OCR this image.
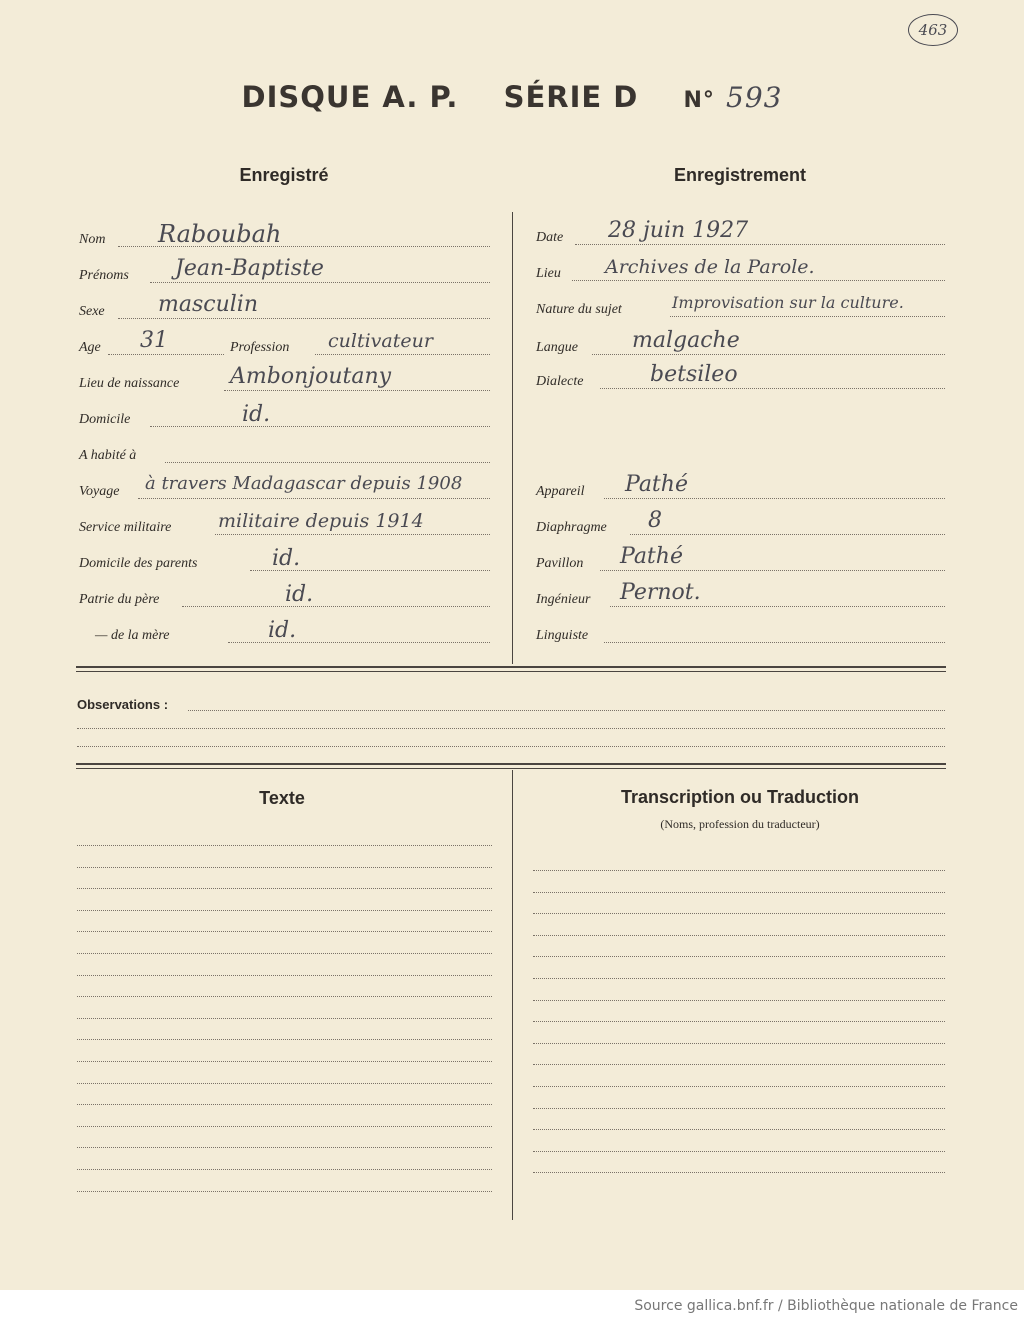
463
DISQUE A. P. SÉRIE D N° 593
Enregistré	Enregistrement
Nom Raboubah
Prénoms Jean-Baptiste
Sexe masculin
Age 31	Profession cultivateur
Lieu de naissance Ambonjoutany
Domicile	id.
A habité à
Voyage à travers Madagascar depuis 1908
Service militaire militaire depuis 1914
Domicile des parents	id.
Patrie du père	id.
— de la mère	id.
Date 28 juin 1927
Lieu Archives de la Parole.
Nature du sujet	Improvisation sur la culture.
Langue malgache
Dialecte	betsileo
Appareil Pathé
Diaphragme 8
Pavillon Pathé
Ingénieur Pernot.
Linguiste
Observations :
Texte	Transcription ou Traduction
(Noms, profession du traducteur)
Source gallica.bnf.fr / Bibliothèque nationale de France
